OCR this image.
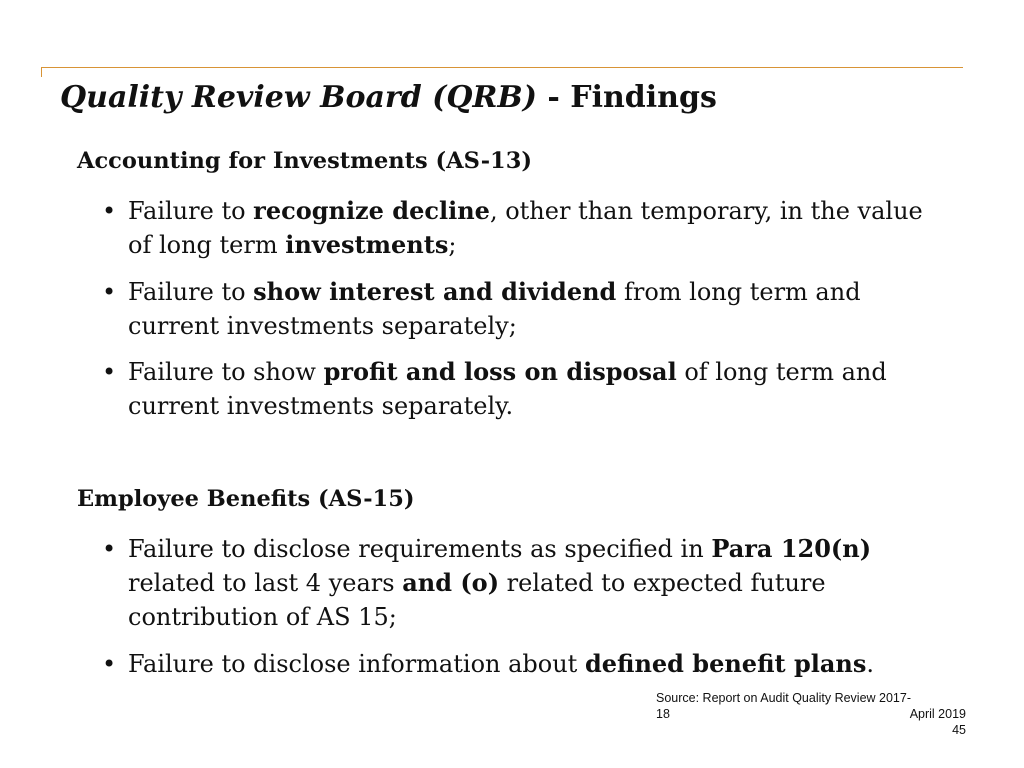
Quality Review Board (QRB) - Findings
Accounting for Investments (AS-13)
• Failure to recognize decline, other than temporary, in the value of long term investments;
• Failure to show interest and dividend from long term and current investments separately;
• Failure to show profit and loss on disposal of long term and current investments separately.
Employee Benefits (AS-15)
• Failure to disclose requirements as specified in Para 120(n) related to last 4 years and (o) related to expected future contribution of AS 15;
• Failure to disclose information about defined benefit plans.
Source: Report on Audit Quality Review 2017-
18	April 2019
45
